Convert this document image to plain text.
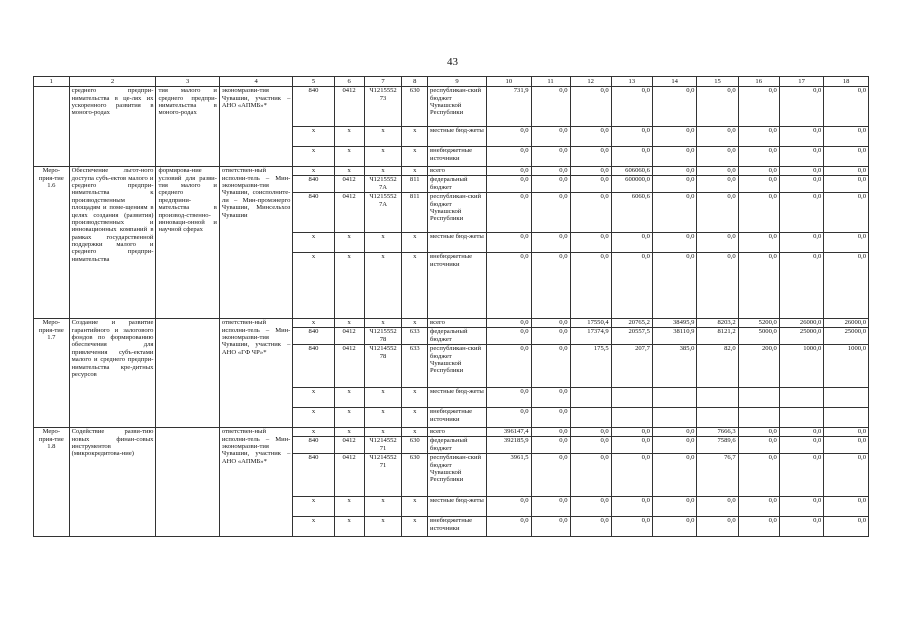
43
1	2	3	4	5	6	7	8	9	10	11	12	13	14	15	16	17	18
	среднего предпри-нимательства в це-лях их ускоренного развития в моного-родах	тия малого и среднего предпри-нимательства в моного-родах	экономразви-тия Чувашии, участник – АНО «АПМБ»*	840	0412	Ч1215552 73	630	республикан-ский бюджет Чувашской Республики	731,9	0,0	0,0	0,0	0,0	0,0	0,0	0,0	0,0
				x	x	x	x	местные бюд-жеты	0,0	0,0	0,0	0,0	0,0	0,0	0,0	0,0	0,0
				x	x	x	x	внебюджетные источники	0,0	0,0	0,0	0,0	0,0	0,0	0,0	0,0	0,0
Меро-прия-тие 1.6	Обеспечение льгот-ного доступа субъ-ектов малого и среднего предпри-нимательства к производственным площадям и поме-щениям в целях создания (развития) производственных и инновационных компаний в рамках государственной поддержки малого и среднего предпри-нимательства	формирова-ние условий для разви-тия малого и среднего предприни-мательства в производ-ственно-инноваци-онной и научной сферах	ответствен-ный исполни-тель – Мин-экономразви-тия Чувашии, соисполните-ли – Мин-промэнерго Чувашии, Минсельхоз Чувашии	x	x	x	x	всего	0,0	0,0	0,0	606060,6	0,0	0,0	0,0	0,0	0,0
				840	0412	Ч1215552 7А	811	федеральный бюджет	0,0	0,0	0,0	600000,0	0,0	0,0	0,0	0,0	0,0
				840	0412	Ч1215552 7А	811	республикан-ский бюджет Чувашской Республики	0,0	0,0	0,0	6060,6	0,0	0,0	0,0	0,0	0,0
				x	x	x	x	местные бюд-жеты	0,0	0,0	0,0	0,0	0,0	0,0	0,0	0,0	0,0
				x	x	x	x	внебюджетные источники	0,0	0,0	0,0	0,0	0,0	0,0	0,0	0,0	0,0
Меро-прия-тие 1.7	Создание и развитие гарантийного и залогового фондов по формированию обеспечения для привлечения субъ-ектами малого и среднего предпри-нимательства кре-дитных ресурсов		ответствен-ный исполни-тель – Мин-экономразви-тия Чувашии, участник – АНО «ГФ ЧР»*	x	x	x	x	всего	0,0	0,0	17550,4	20765,2	38495,9	8203,2	5200,0	26000,0	26000,0
				840	0412	Ч1215552 78	633	федеральный бюджет	0,0	0,0	17374,9	20557,5	38110,9	8121,2	5000,0	25000,0	25000,0
				840	0412	Ч1214552 78	633	республикан-ский бюджет Чувашской Республики	0,0	0,0	175,5	207,7	385,0	82,0	200,0	1000,0	1000,0
				x	x	x	x	местные бюд-жеты	0,0	0,0							
				x	x	x	x	внебюджетные источники	0,0	0,0							
Меро-прия-тие 1.8	Содействие разви-тию новых финан-совых инструментов (микрокредитова-ние)		ответствен-ный исполни-тель – Мин-экономразви-тия Чувашии, участник – АНО «АПМБ»*	x	x	x	x	всего	396147,4	0,0	0,0	0,0	0,0	7666,3	0,0	0,0	0,0
				840	0412	Ч1214552 71	630	федеральный бюджет	392185,9	0,0	0,0	0,0	0,0	7589,6	0,0	0,0	0,0
				840	0412	Ч1214552 71	630	республикан-ский бюджет Чувашской Республики	3961,5	0,0	0,0	0,0	0,0	76,7	0,0	0,0	0,0
				x	x	x	x	местные бюд-жеты	0,0	0,0	0,0	0,0	0,0	0,0	0,0	0,0	0,0
				x	x	x	x	внебюджетные источники	0,0	0,0	0,0	0,0	0,0	0,0	0,0	0,0	0,0
